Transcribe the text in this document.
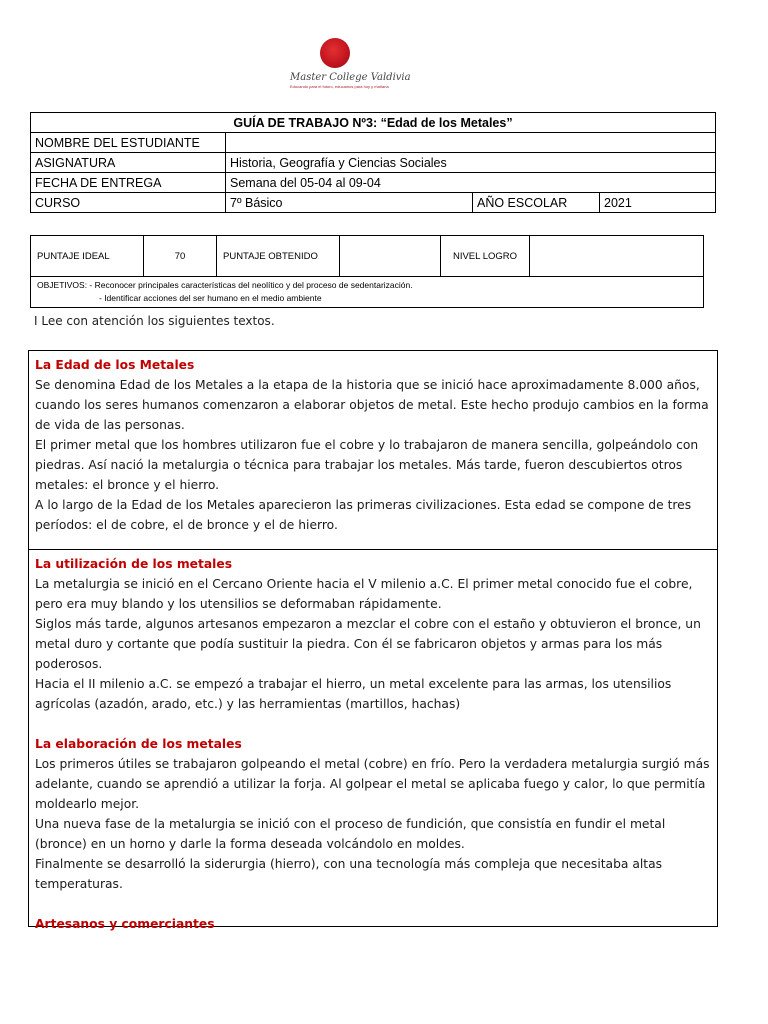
Master College Valdivia
Educando para el futuro, educamos para hoy y mañana
GUÍA DE TRABAJO Nº3: “Edad de los Metales”			
NOMBRE DEL ESTUDIANTE			
ASIGNATURA	Historia, Geografía y Ciencias Sociales		
FECHA DE ENTREGA	Semana del 05-04 al 09-04		
CURSO	7º Básico	AÑO ESCOLAR	2021
PUNTAJE IDEAL	70	PUNTAJE OBTENIDO		NIVEL LOGRO	
OBJETIVOS: - Reconocer principales características del neolítico y del proceso de sedentarización.
- Identificar acciones del ser humano en el medio ambiente
I Lee con atención los siguientes textos.
La Edad de los Metales
Se denomina Edad de los Metales a la etapa de la historia que se inició hace aproximadamente 8.000 años, cuando los seres humanos comenzaron a elaborar objetos de metal. Este hecho produjo cambios en la forma de vida de las personas.
El primer metal que los hombres utilizaron fue el cobre y lo trabajaron de manera sencilla, golpeándolo con piedras. Así nació la metalurgia o técnica para trabajar los metales. Más tarde, fueron descubiertos otros metales: el bronce y el hierro.
A lo largo de la Edad de los Metales aparecieron las primeras civilizaciones. Esta edad se compone de tres períodos: el de cobre, el de bronce y el de hierro.
La utilización de los metales
La metalurgia se inició en el Cercano Oriente hacia el V milenio a.C. El primer metal conocido fue el cobre, pero era muy blando y los utensilios se deformaban rápidamente.
Siglos más tarde, algunos artesanos empezaron a mezclar el cobre con el estaño y obtuvieron el bronce, un metal duro y cortante que podía sustituir la piedra. Con él se fabricaron objetos y armas para los más poderosos.
Hacia el II milenio a.C. se empezó a trabajar el hierro, un metal excelente para las armas, los utensilios agrícolas (azadón, arado, etc.) y las herramientas (martillos, hachas)
La elaboración de los metales
Los primeros útiles se trabajaron golpeando el metal (cobre) en frío. Pero la verdadera metalurgia surgió más adelante, cuando se aprendió a utilizar la forja. Al golpear el metal se aplicaba fuego y calor, lo que permitía moldearlo mejor.
Una nueva fase de la metalurgia se inició con el proceso de fundición, que consistía en fundir el metal (bronce) en un horno y darle la forma deseada volcándolo en moldes.
Finalmente se desarrolló la siderurgia (hierro), con una tecnología más compleja que necesitaba altas temperaturas.
Artesanos y comerciantes
